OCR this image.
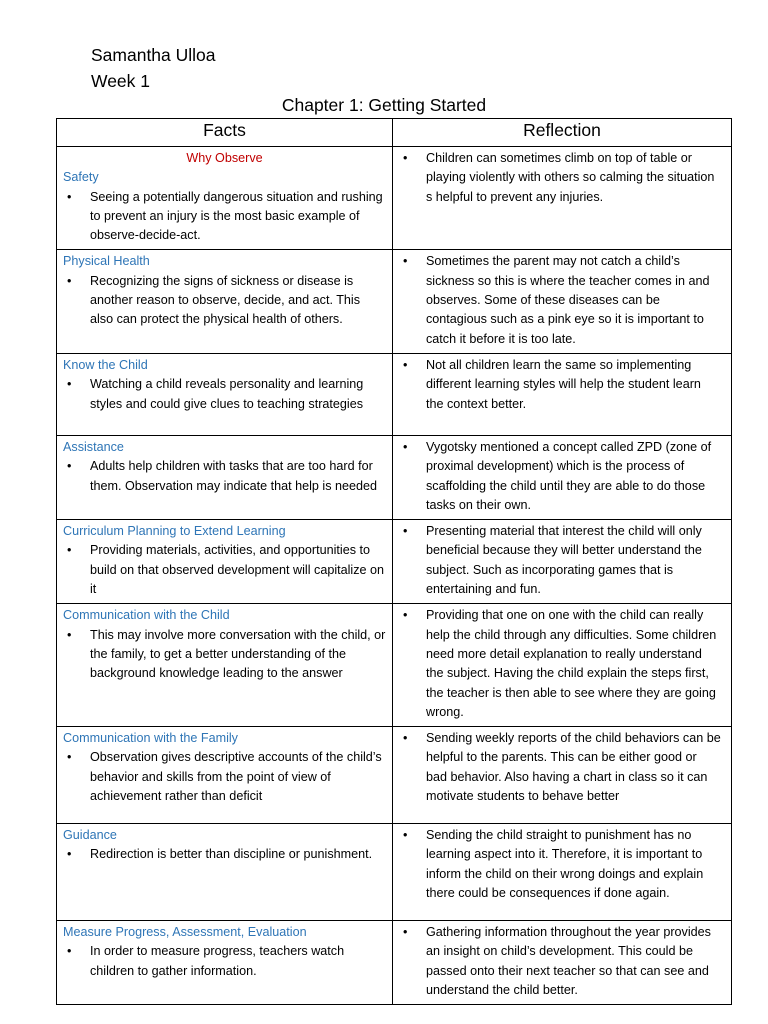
Samantha Ulloa
Week 1
Chapter 1: Getting Started
Facts	Reflection

Why Observe
Safety
• Seeing a potentially dangerous situation and rushing to prevent an injury is the most basic example of observe-decide-act.	• Children can sometimes climb on top of table or playing violently with others so calming the situation s helpful to prevent any injuries.

Physical Health
• Recognizing the signs of sickness or disease is another reason to observe, decide, and act. This also can protect the physical health of others.	• Sometimes the parent may not catch a child’s sickness so this is where the teacher comes in and observes. Some of these diseases can be contagious such as a pink eye so it is important to catch it before it is too late.

Know the Child
• Watching a child reveals personality and learning styles and could give clues to teaching strategies	• Not all children learn the same so implementing different learning styles will help the student learn the context better.

Assistance
• Adults help children with tasks that are too hard for them. Observation may indicate that help is needed	• Vygotsky mentioned a concept called ZPD (zone of proximal development) which is the process of scaffolding the child until they are able to do those tasks on their own.

Curriculum Planning to Extend Learning
• Providing materials, activities, and opportunities to build on that observed development will capitalize on it	• Presenting material that interest the child will only beneficial because they will better understand the subject. Such as incorporating games that is entertaining and fun.

Communication with the Child
• This may involve more conversation with the child, or the family, to get a better understanding of the background knowledge leading to the answer	• Providing that one on one with the child can really help the child through any difficulties. Some children need more detail explanation to really understand the subject. Having the child explain the steps first, the teacher is then able to see where they are going wrong.

Communication with the Family
• Observation gives descriptive accounts of the child’s behavior and skills from the point of view of achievement rather than deficit	• Sending weekly reports of the child behaviors can be helpful to the parents. This can be either good or bad behavior. Also having a chart in class so it can motivate students to behave better

Guidance
• Redirection is better than discipline or punishment.	• Sending the child straight to punishment has no learning aspect into it. Therefore, it is important to inform the child on their wrong doings and explain there could be consequences if done again.

Measure Progress, Assessment, Evaluation
• In order to measure progress, teachers watch children to gather information.	• Gathering information throughout the year provides an insight on child’s development. This could be passed onto their next teacher so that can see and understand the child better.
